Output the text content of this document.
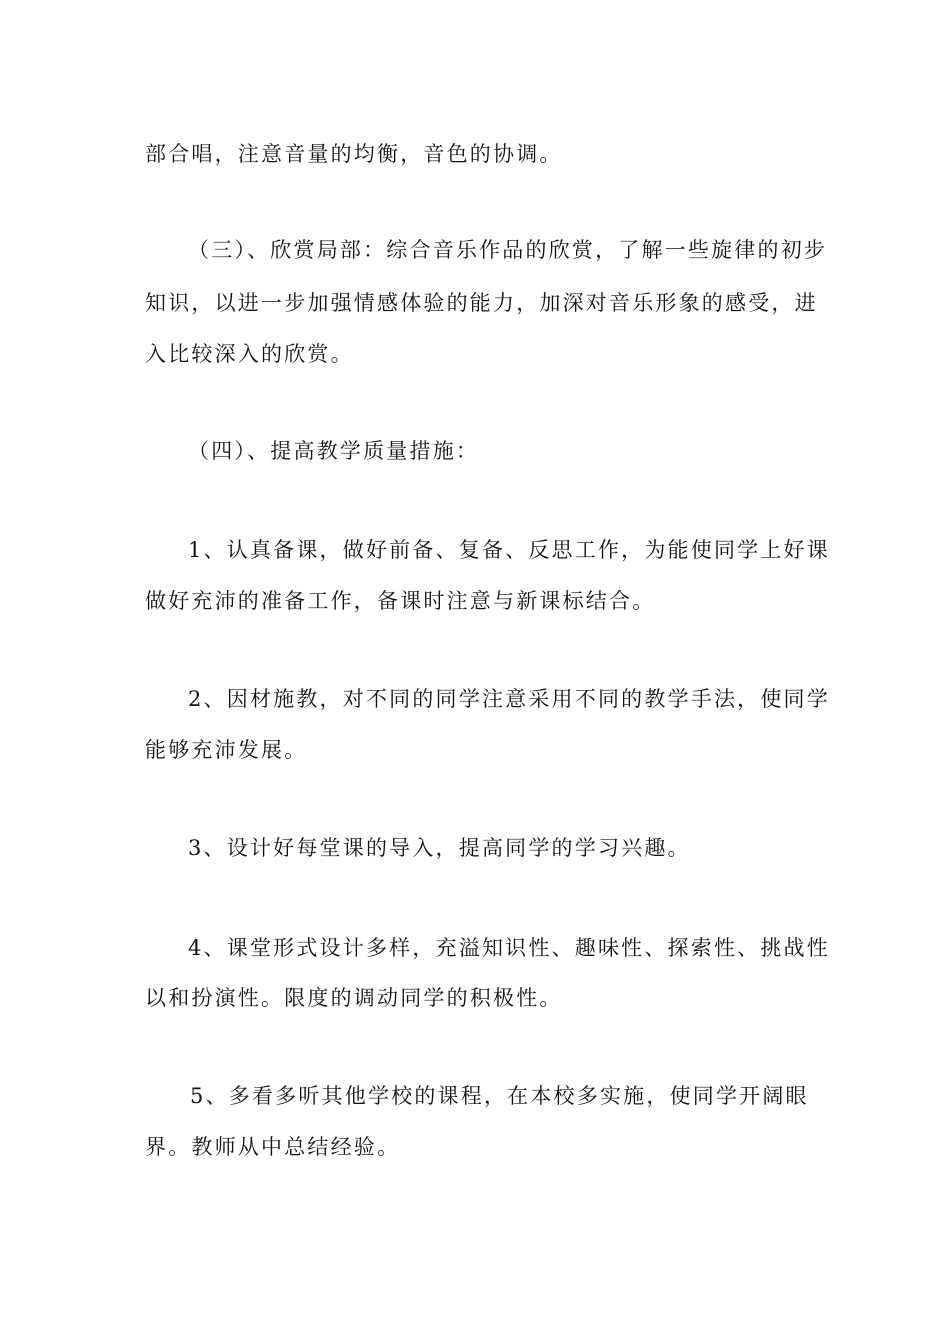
部合唱，注意音量的均衡，音色的协调。
（三）、欣赏局部：综合音乐作品的欣赏，了解一些旋律的初步
知识，以进一步加强情感体验的能力，加深对音乐形象的感受，进
入比较深入的欣赏。
（四）、提高教学质量措施：
1、认真备课，做好前备、复备、反思工作，为能使同学上好课
做好充沛的准备工作，备课时注意与新课标结合。
2、因材施教，对不同的同学注意采用不同的教学手法，使同学
能够充沛发展。
3、设计好每堂课的导入，提高同学的学习兴趣。
4、课堂形式设计多样，充溢知识性、趣味性、探索性、挑战性
以和扮演性。限度的调动同学的积极性。
5、多看多听其他学校的课程，在本校多实施，使同学开阔眼
界。教师从中总结经验。
